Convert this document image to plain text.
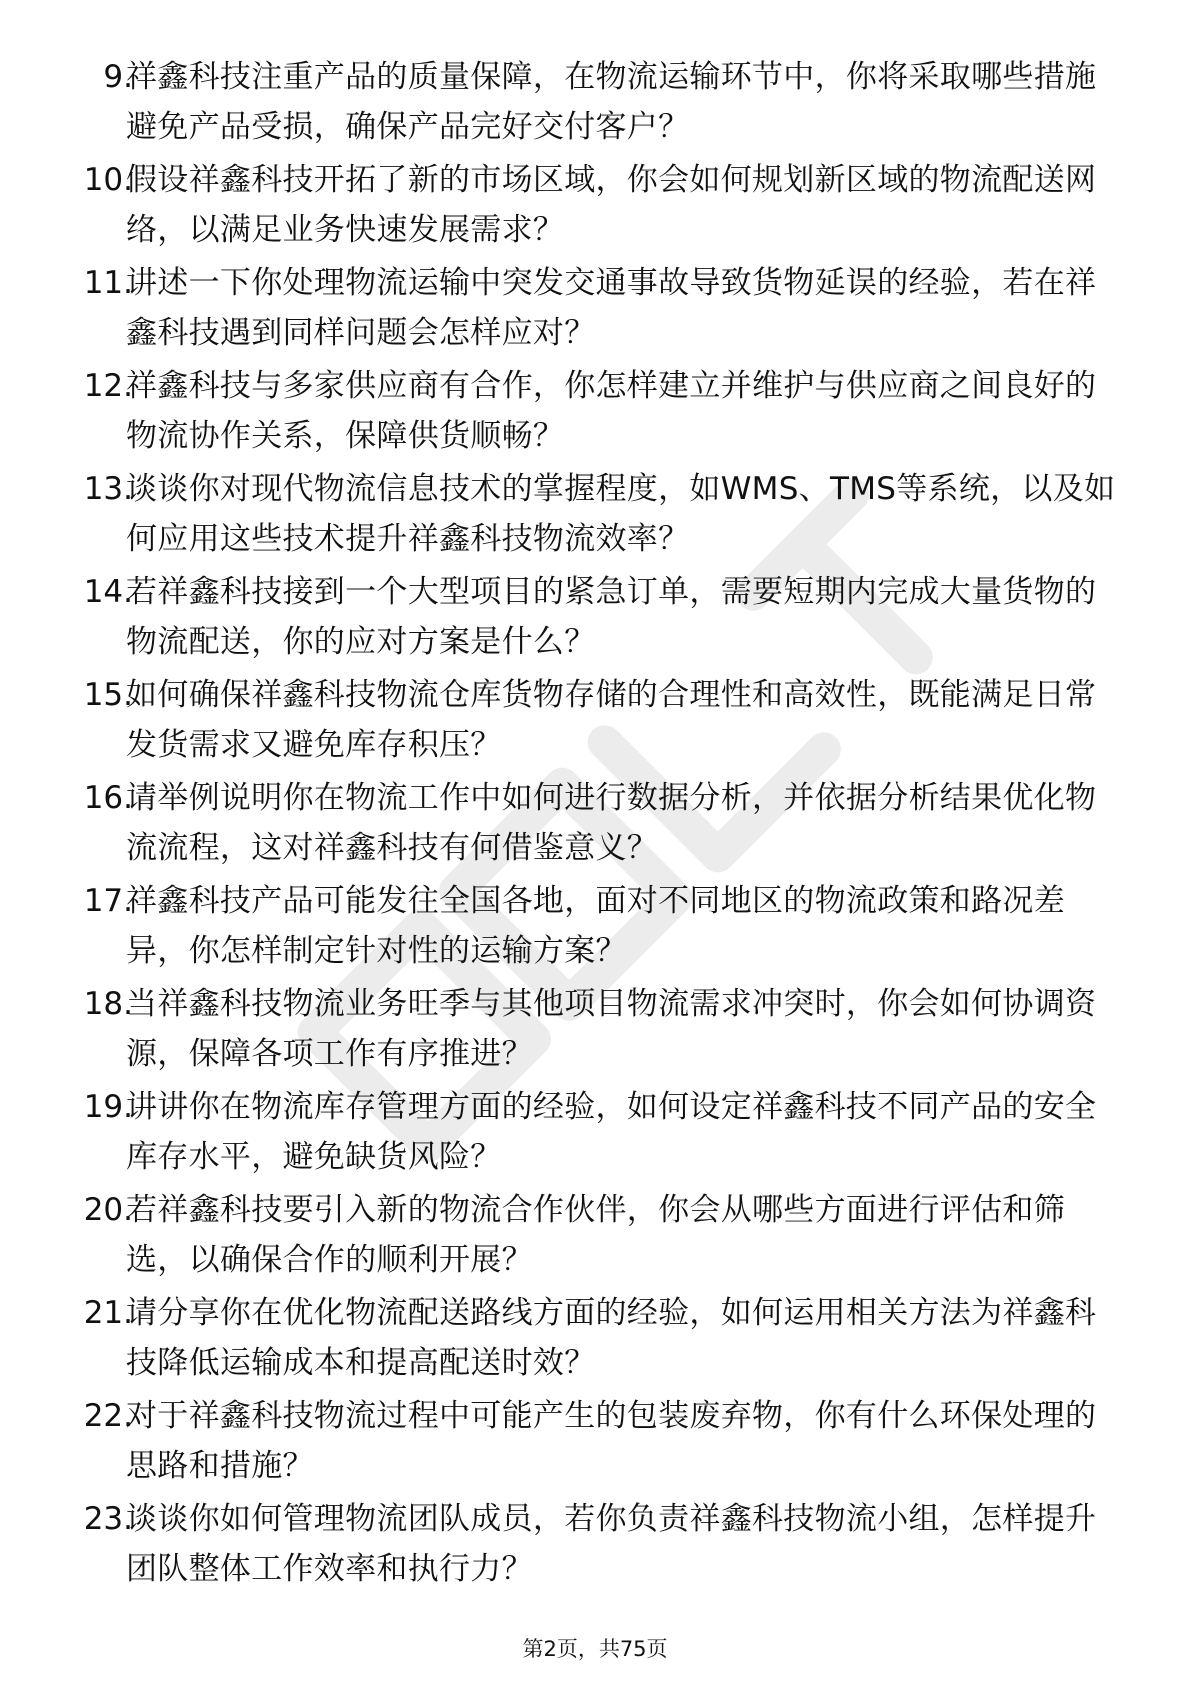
9.
祥鑫科技注重产品的质量保障，在物流运输环节中，你将采取哪些措施避免产品受损，确保产品完好交付客户？
10.
假设祥鑫科技开拓了新的市场区域，你会如何规划新区域的物流配送网络，以满足业务快速发展需求？
11.
讲述一下你处理物流运输中突发交通事故导致货物延误的经验，若在祥鑫科技遇到同样问题会怎样应对？
12.
祥鑫科技与多家供应商有合作，你怎样建立并维护与供应商之间良好的物流协作关系，保障供货顺畅？
13.
谈谈你对现代物流信息技术的掌握程度，如WMS、TMS等系统，以及如何应用这些技术提升祥鑫科技物流效率？
14.
若祥鑫科技接到一个大型项目的紧急订单，需要短期内完成大量货物的物流配送，你的应对方案是什么？
15.
如何确保祥鑫科技物流仓库货物存储的合理性和高效性，既能满足日常发货需求又避免库存积压？
16.
请举例说明你在物流工作中如何进行数据分析，并依据分析结果优化物流流程，这对祥鑫科技有何借鉴意义？
17.
祥鑫科技产品可能发往全国各地，面对不同地区的物流政策和路况差异，你怎样制定针对性的运输方案？
18.
当祥鑫科技物流业务旺季与其他项目物流需求冲突时，你会如何协调资源，保障各项工作有序推进？
19.
讲讲你在物流库存管理方面的经验，如何设定祥鑫科技不同产品的安全库存水平，避免缺货风险？
20.
若祥鑫科技要引入新的物流合作伙伴，你会从哪些方面进行评估和筛选，以确保合作的顺利开展？
21.
请分享你在优化物流配送路线方面的经验，如何运用相关方法为祥鑫科技降低运输成本和提高配送时效？
22.
对于祥鑫科技物流过程中可能产生的包装废弃物，你有什么环保处理的思路和措施？
23.
谈谈你如何管理物流团队成员，若你负责祥鑫科技物流小组，怎样提升团队整体工作效率和执行力？
第2页，共75页
